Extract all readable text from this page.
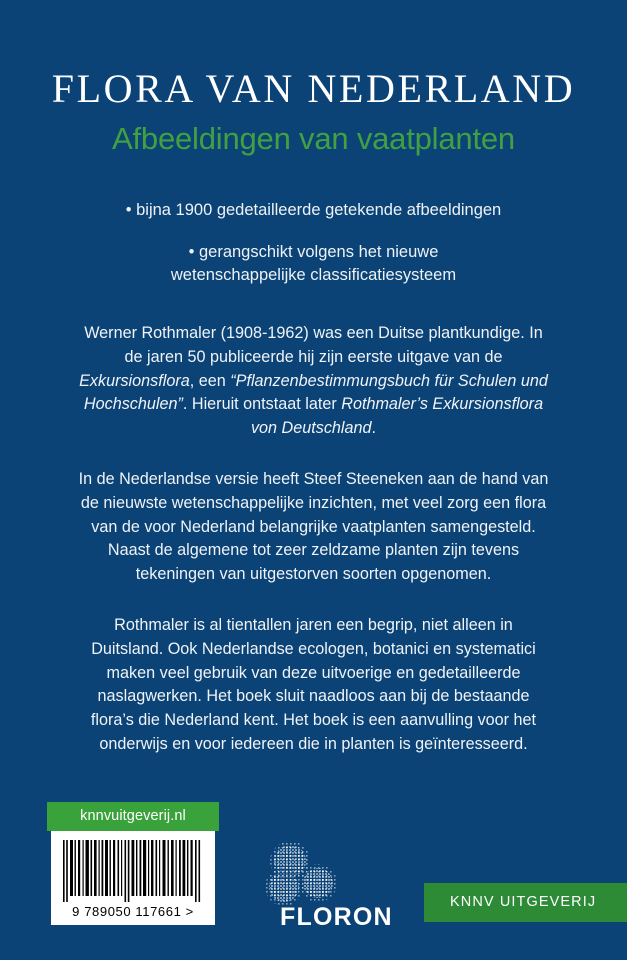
FLORA VAN NEDERLAND
Afbeeldingen van vaatplanten

• bijna 1900 gedetailleerde getekende afbeeldingen

• gerangschikt volgens het nieuwe

wetenschappelijke classificatiesysteem

Werner Rothmaler (1908-1962) was een Duitse plantkundige. In de jaren 50 publiceerde hij zijn eerste uitgave van de Exkursionsflora, een “Pflanzenbestimmungsbuch für Schulen und Hochschulen”. Hieruit ontstaat later Rothmaler’s Exkursionsflora von Deutschland.

In de Nederlandse versie heeft Steef Steeneken aan de hand van de nieuwste wetenschappelijke inzichten, met veel zorg een flora van de voor Nederland belangrijke vaatplanten samengesteld. Naast de algemene tot zeer zeldzame planten zijn tevens tekeningen van uitgestorven soorten opgenomen.

Rothmaler is al tientallen jaren een begrip, niet alleen in Duitsland. Ook Nederlandse ecologen, botanici en systematici maken veel gebruik van deze uitvoerige en gedetailleerde naslagwerken. Het boek sluit naadloos aan bij de bestaande flora’s die Nederland kent. Het boek is een aanvulling voor het onderwijs en voor iedereen die in planten is geïnteresseerd.

knnvuitgeverij.nl
9 789050 117661 >	FLORON
KNNV UITGEVERIJ
